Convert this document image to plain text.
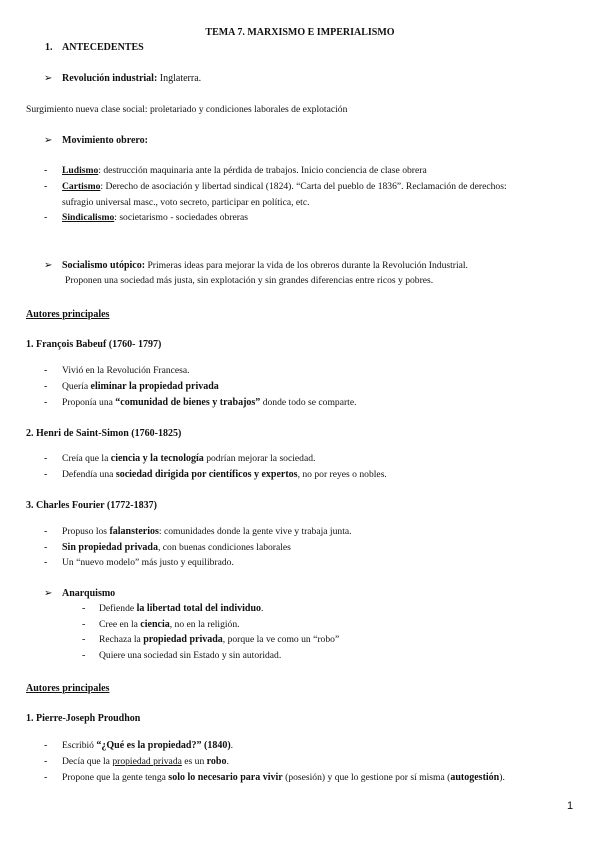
TEMA 7. MARXISMO E IMPERIALISMO
1. ANTECEDENTES
➢ Revolución industrial: Inglaterra.
Surgimiento nueva clase social: proletariado y condiciones laborales de explotación
➢ Movimiento obrero:
- Ludismo: destrucción maquinaria ante la pérdida de trabajos. Inicio conciencia de clase obrera
- Cartismo: Derecho de asociación y libertad sindical (1824). “Carta del pueblo de 1836”. Reclamación de derechos:
sufragio universal masc., voto secreto, participar en política, etc.
- Sindicalismo: societarismo - sociedades obreras
➢ Socialismo utópico: Primeras ideas para mejorar la vida de los obreros durante la Revolución Industrial.
Proponen una sociedad más justa, sin explotación y sin grandes diferencias entre ricos y pobres.
Autores principales
1. François Babeuf (1760- 1797)
- Vivió en la Revolución Francesa.
- Quería eliminar la propiedad privada
- Proponía una “comunidad de bienes y trabajos” donde todo se comparte.
2. Henri de Saint-Simon (1760-1825)
- Creía que la ciencia y la tecnología podrían mejorar la sociedad.
- Defendía una sociedad dirigida por científicos y expertos, no por reyes o nobles.
3. Charles Fourier (1772-1837)
- Propuso los falansterios: comunidades donde la gente vive y trabaja junta.
- Sin propiedad privada, con buenas condiciones laborales
- Un “nuevo modelo” más justo y equilibrado.
➢ Anarquismo
- Defiende la libertad total del individuo.
- Cree en la ciencia, no en la religión.
- Rechaza la propiedad privada, porque la ve como un “robo”
- Quiere una sociedad sin Estado y sin autoridad.
Autores principales
1. Pierre-Joseph Proudhon
- Escribió “¿Qué es la propiedad?” (1840).
- Decía que la propiedad privada es un robo.
- Propone que la gente tenga solo lo necesario para vivir (posesión) y que lo gestione por sí misma (autogestión).
1
